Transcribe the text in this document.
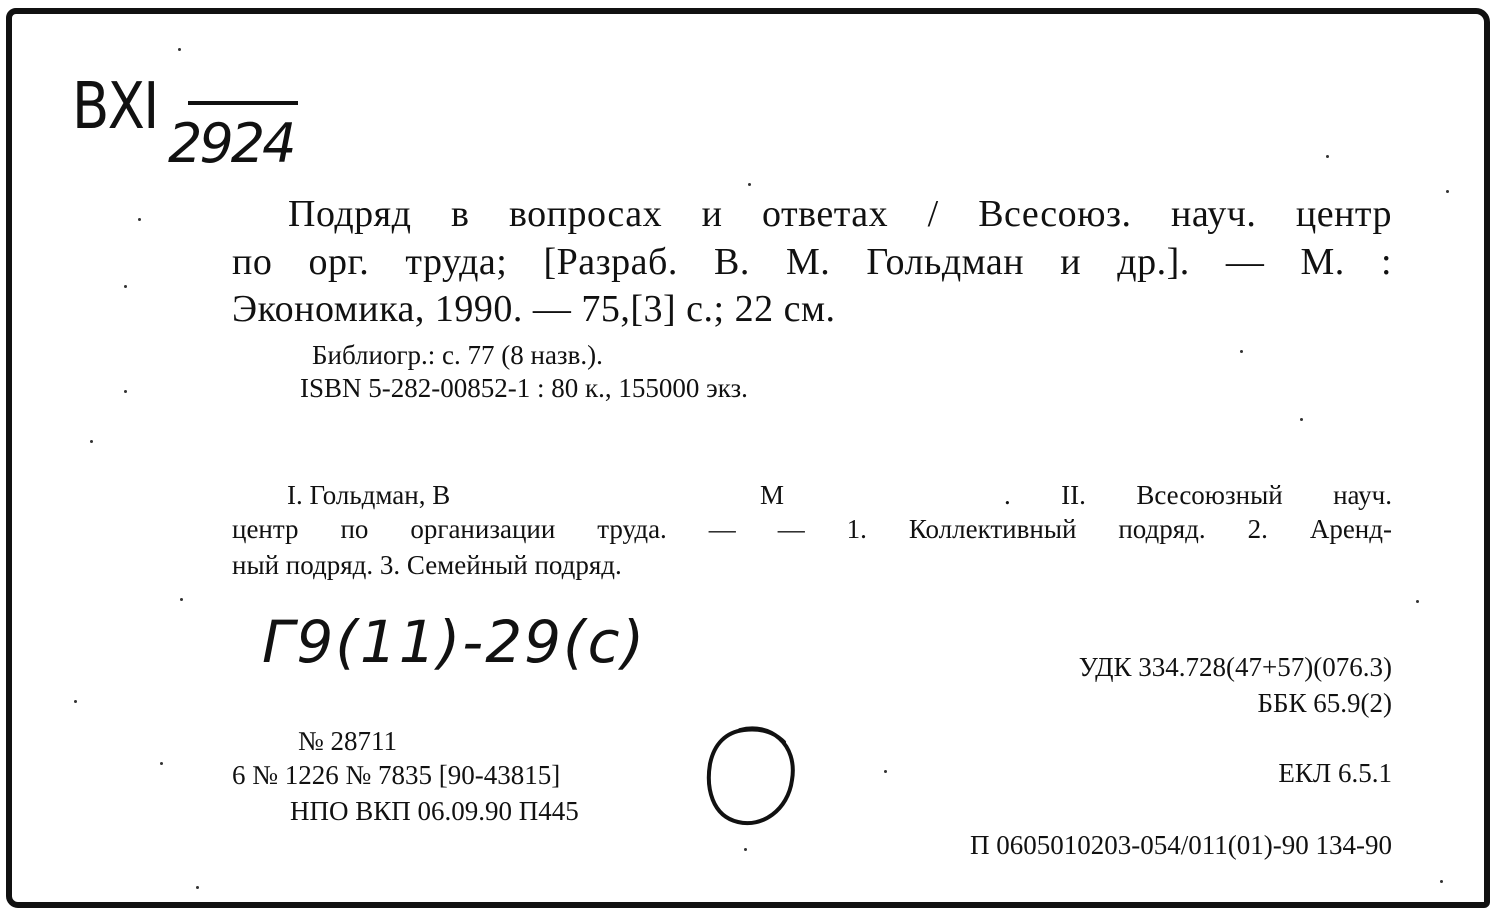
ВХI 2924
Подряд в вопросах и ответах / Всесоюз. науч. центр
по орг. труда; [Разраб. В. М. Гольдман и др.]. — М. :
Экономика, 1990. — 75,[3] с.; 22 см.
Библиогр.: с. 77 (8 назв.).
ISBN 5-282-00852-1 : 80 к., 155000 экз.
I. Гольдман, В	М	. II. Всесоюзный науч.
центр по организации труда. — — 1. Коллективный подряд. 2. Аренд-
ный подряд. 3. Семейный подряд.
Г9(11)-29(с)	УДК 334.728(47+57)(076.3)
ББК 65.9(2)
ЕКЛ 6.5.1
П 0605010203-054/011(01)-90 134-90
№ 28711
6 № 1226 № 7835 [90-43815]
НПО ВКП 06.09.90 П445
